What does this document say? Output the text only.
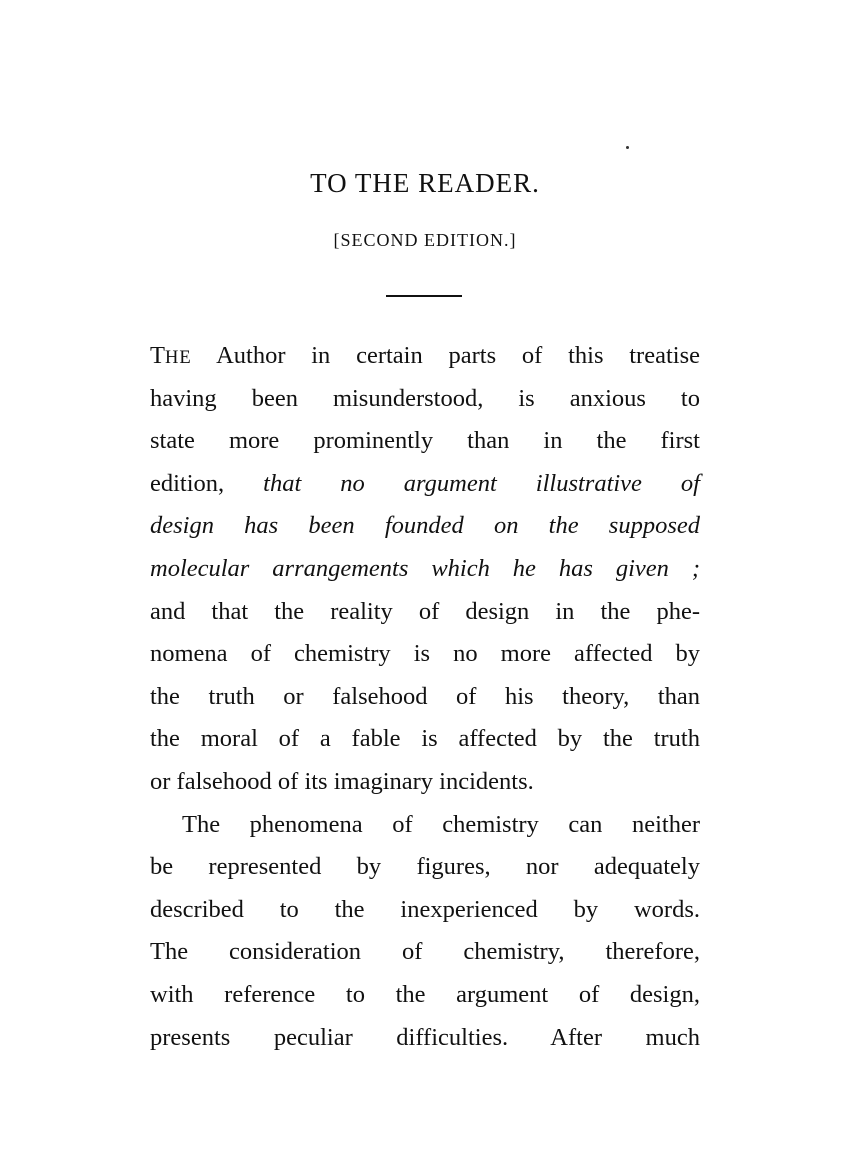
TO THE READER.
[SECOND EDITION.]
THE Author in certain parts of this treatise
having been misunderstood, is anxious to
state more prominently than in the first
edition, that no argument illustrative of
design has been founded on the supposed
molecular arrangements which he has given ;
and that the reality of design in the phe-
nomena of chemistry is no more affected by
the truth or falsehood of his theory, than
the moral of a fable is affected by the truth
or falsehood of its imaginary incidents.
The phenomena of chemistry can neither
be represented by figures, nor adequately
described to the inexperienced by words.
The consideration of chemistry, therefore,
with reference to the argument of design,
presents peculiar difficulties. After much
